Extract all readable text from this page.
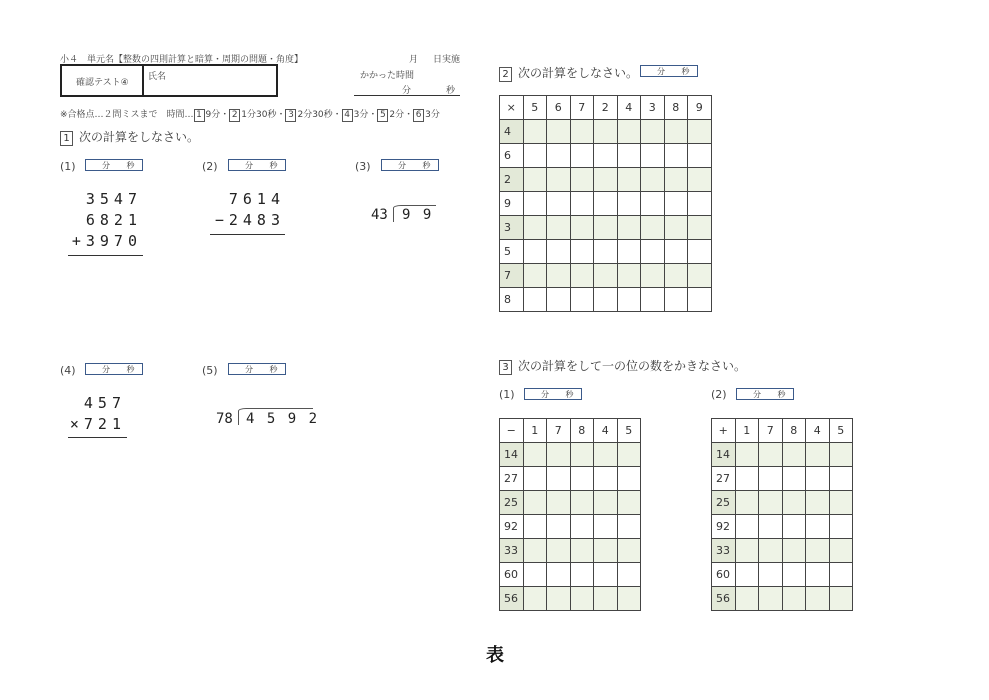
小４　単元名【整数の四則計算と暗算・周期の問題・角度】	月 日実施
確認テスト④
氏名	かかった時間
分	秒
※合格点…２問ミスまで　時間… 1 9分・ 2 1分30秒・ 3 2分30秒・ 4 3分・ 5 2分・ 6 3分
1 次の計算をしなさい。
(1)	分 秒
3547
6821
+3970
(2)	分 秒
7614
−2483
(3)	分 秒
43 9 9
(4)	分 秒
457
×721
(5)	分 秒
78 4 5 9 2
2 次の計算をしなさい。	分 秒
×	5	6	7	2	4	3	8	9
4								
6								
2								
9								
3								
5								
7								
8								
3 次の計算をして一の位の数をかきなさい。
(1)	分 秒
−	1	7	8	4	5
14					
27					
25					
92					
33					
60					
56					
(2)	分 秒
+	1	7	8	4	5
14					
27					
25					
92					
33					
60					
56					
表
